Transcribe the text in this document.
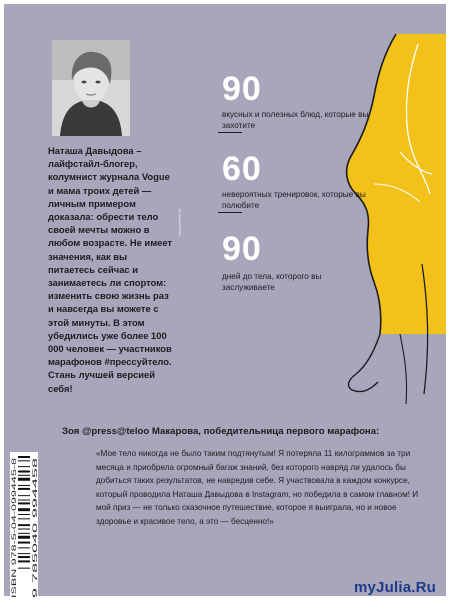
Наташа Давыдова – лайфстайл-блогер, колумнист журнала Vogue и мама троих детей — личным примером доказала: обрести тело своей мечты можно в любом возрасте. Не имеет значения, как вы питаетесь сейчас и занимаетесь ли спортом: изменить свою жизнь раз и навсегда вы можете с этой минуты. В этом убедились уже более 100 000 человек — участников марафонов #прессуйтело. Стань лучшей версией себя!

#прессуйтело это:
90
вкусных и полезных блюд, которые вы захотите
60
невероятных тренировок, которые вы полюбите
90
дней до тела, которого вы заслуживаете
Зоя @press@teloo Макарова, победительница первого марафона:
ISBN 978-5-04-099445-8 9 785040 994458

«Мое тело никогда не было таким подтянутым! Я потеряла 11 килограммов за три месяца и приобрела огромный багаж знаний, без которого навряд ли удалось бы добиться таких результатов, не навредив себе. Я участвовала в каждом конкурсе, который проводила Наташа Давыдова в Instagram, но победила в самом главном! И мой приз — не только сказочное путешествие, которое я выиграла, но и новое здоровье и красивое тело, а это — бесценно!»

myJulia.Ru
